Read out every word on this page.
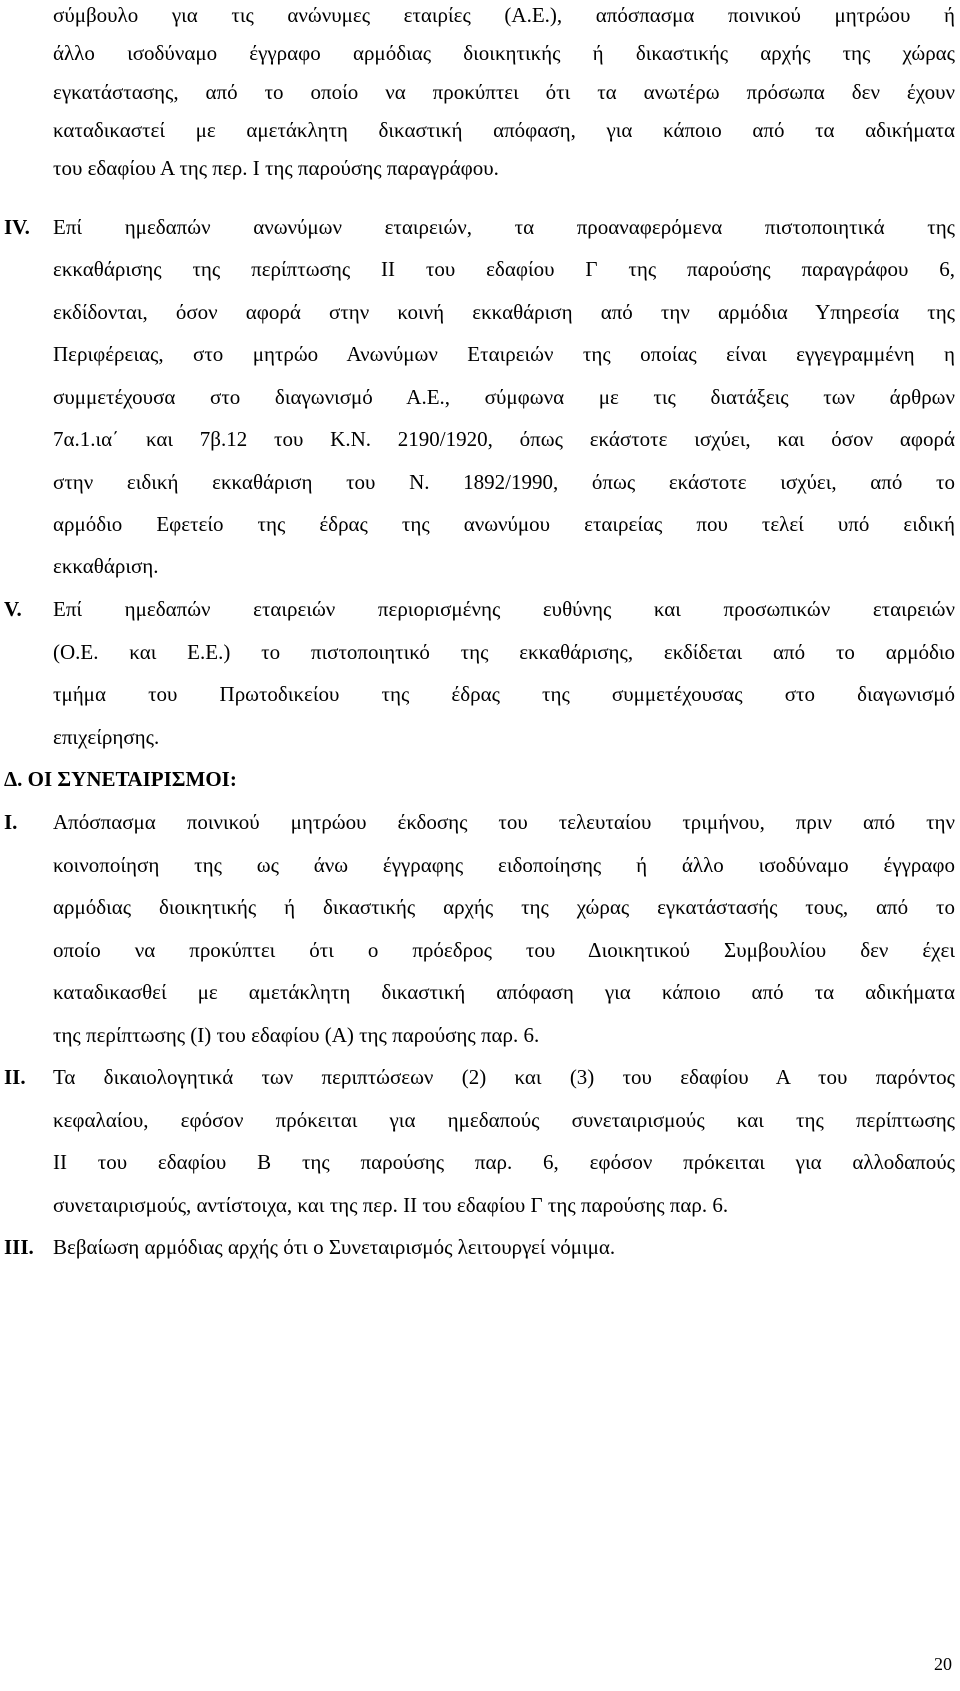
σύμβουλο για τις ανώνυμες εταιρίες (Α.Ε.), απόσπασμα ποινικού μητρώου ή
άλλο ισοδύναμο έγγραφο αρμόδιας διοικητικής ή δικαστικής αρχής της χώρας
εγκατάστασης, από το οποίο να προκύπτει ότι τα ανωτέρω πρόσωπα δεν έχουν
καταδικαστεί με αμετάκλητη δικαστική απόφαση, για κάποιο από τα αδικήματα
του εδαφίου Α της περ. Ι της παρούσης παραγράφου.
IV. Επί ημεδαπών ανωνύμων εταιρειών, τα προαναφερόμενα πιστοποιητικά της
εκκαθάρισης της περίπτωσης ΙΙ του εδαφίου Γ της παρούσης παραγράφου 6,
εκδίδονται, όσον αφορά στην κοινή εκκαθάριση από την αρμόδια Υπηρεσία της
Περιφέρειας, στο μητρώο Ανωνύμων Εταιρειών της οποίας είναι εγγεγραμμένη η
συμμετέχουσα στο διαγωνισμό Α.Ε., σύμφωνα με τις διατάξεις των άρθρων
7α.1.ια΄ και 7β.12 του Κ.Ν. 2190/1920, όπως εκάστοτε ισχύει, και όσον αφορά
στην ειδική εκκαθάριση του Ν. 1892/1990, όπως εκάστοτε ισχύει, από το
αρμόδιο Εφετείο της έδρας της ανωνύμου εταιρείας που τελεί υπό ειδική
εκκαθάριση.
V. Επί ημεδαπών εταιρειών περιορισμένης ευθύνης και προσωπικών εταιρειών
(Ο.Ε. και Ε.Ε.) το πιστοποιητικό της εκκαθάρισης, εκδίδεται από το αρμόδιο
τμήμα του Πρωτοδικείου της έδρας της συμμετέχουσας στο διαγωνισμό
επιχείρησης.
Δ. ΟΙ ΣΥΝΕΤΑΙΡΙΣΜΟΙ:
Ι. Απόσπασμα ποινικού μητρώου έκδοσης του τελευταίου τριμήνου, πριν από την
κοινοποίηση της ως άνω έγγραφης ειδοποίησης ή άλλο ισοδύναμο έγγραφο
αρμόδιας διοικητικής ή δικαστικής αρχής της χώρας εγκατάστασής τους, από το
οποίο να προκύπτει ότι ο πρόεδρος του Διοικητικού Συμβουλίου δεν έχει
καταδικασθεί με αμετάκλητη δικαστική απόφαση για κάποιο από τα αδικήματα
της περίπτωσης (Ι) του εδαφίου (Α) της παρούσης παρ. 6.
ΙΙ. Τα δικαιολογητικά των περιπτώσεων (2) και (3) του εδαφίου Α του παρόντος
κεφαλαίου, εφόσον πρόκειται για ημεδαπούς συνεταιρισμούς και της περίπτωσης
ΙΙ του εδαφίου Β της παρούσης παρ. 6, εφόσον πρόκειται για αλλοδαπούς
συνεταιρισμούς, αντίστοιχα, και της περ. ΙΙ του εδαφίου Γ της παρούσης παρ. 6.
ΙΙΙ. Βεβαίωση αρμόδιας αρχής ότι ο Συνεταιρισμός λειτουργεί νόμιμα.
20
